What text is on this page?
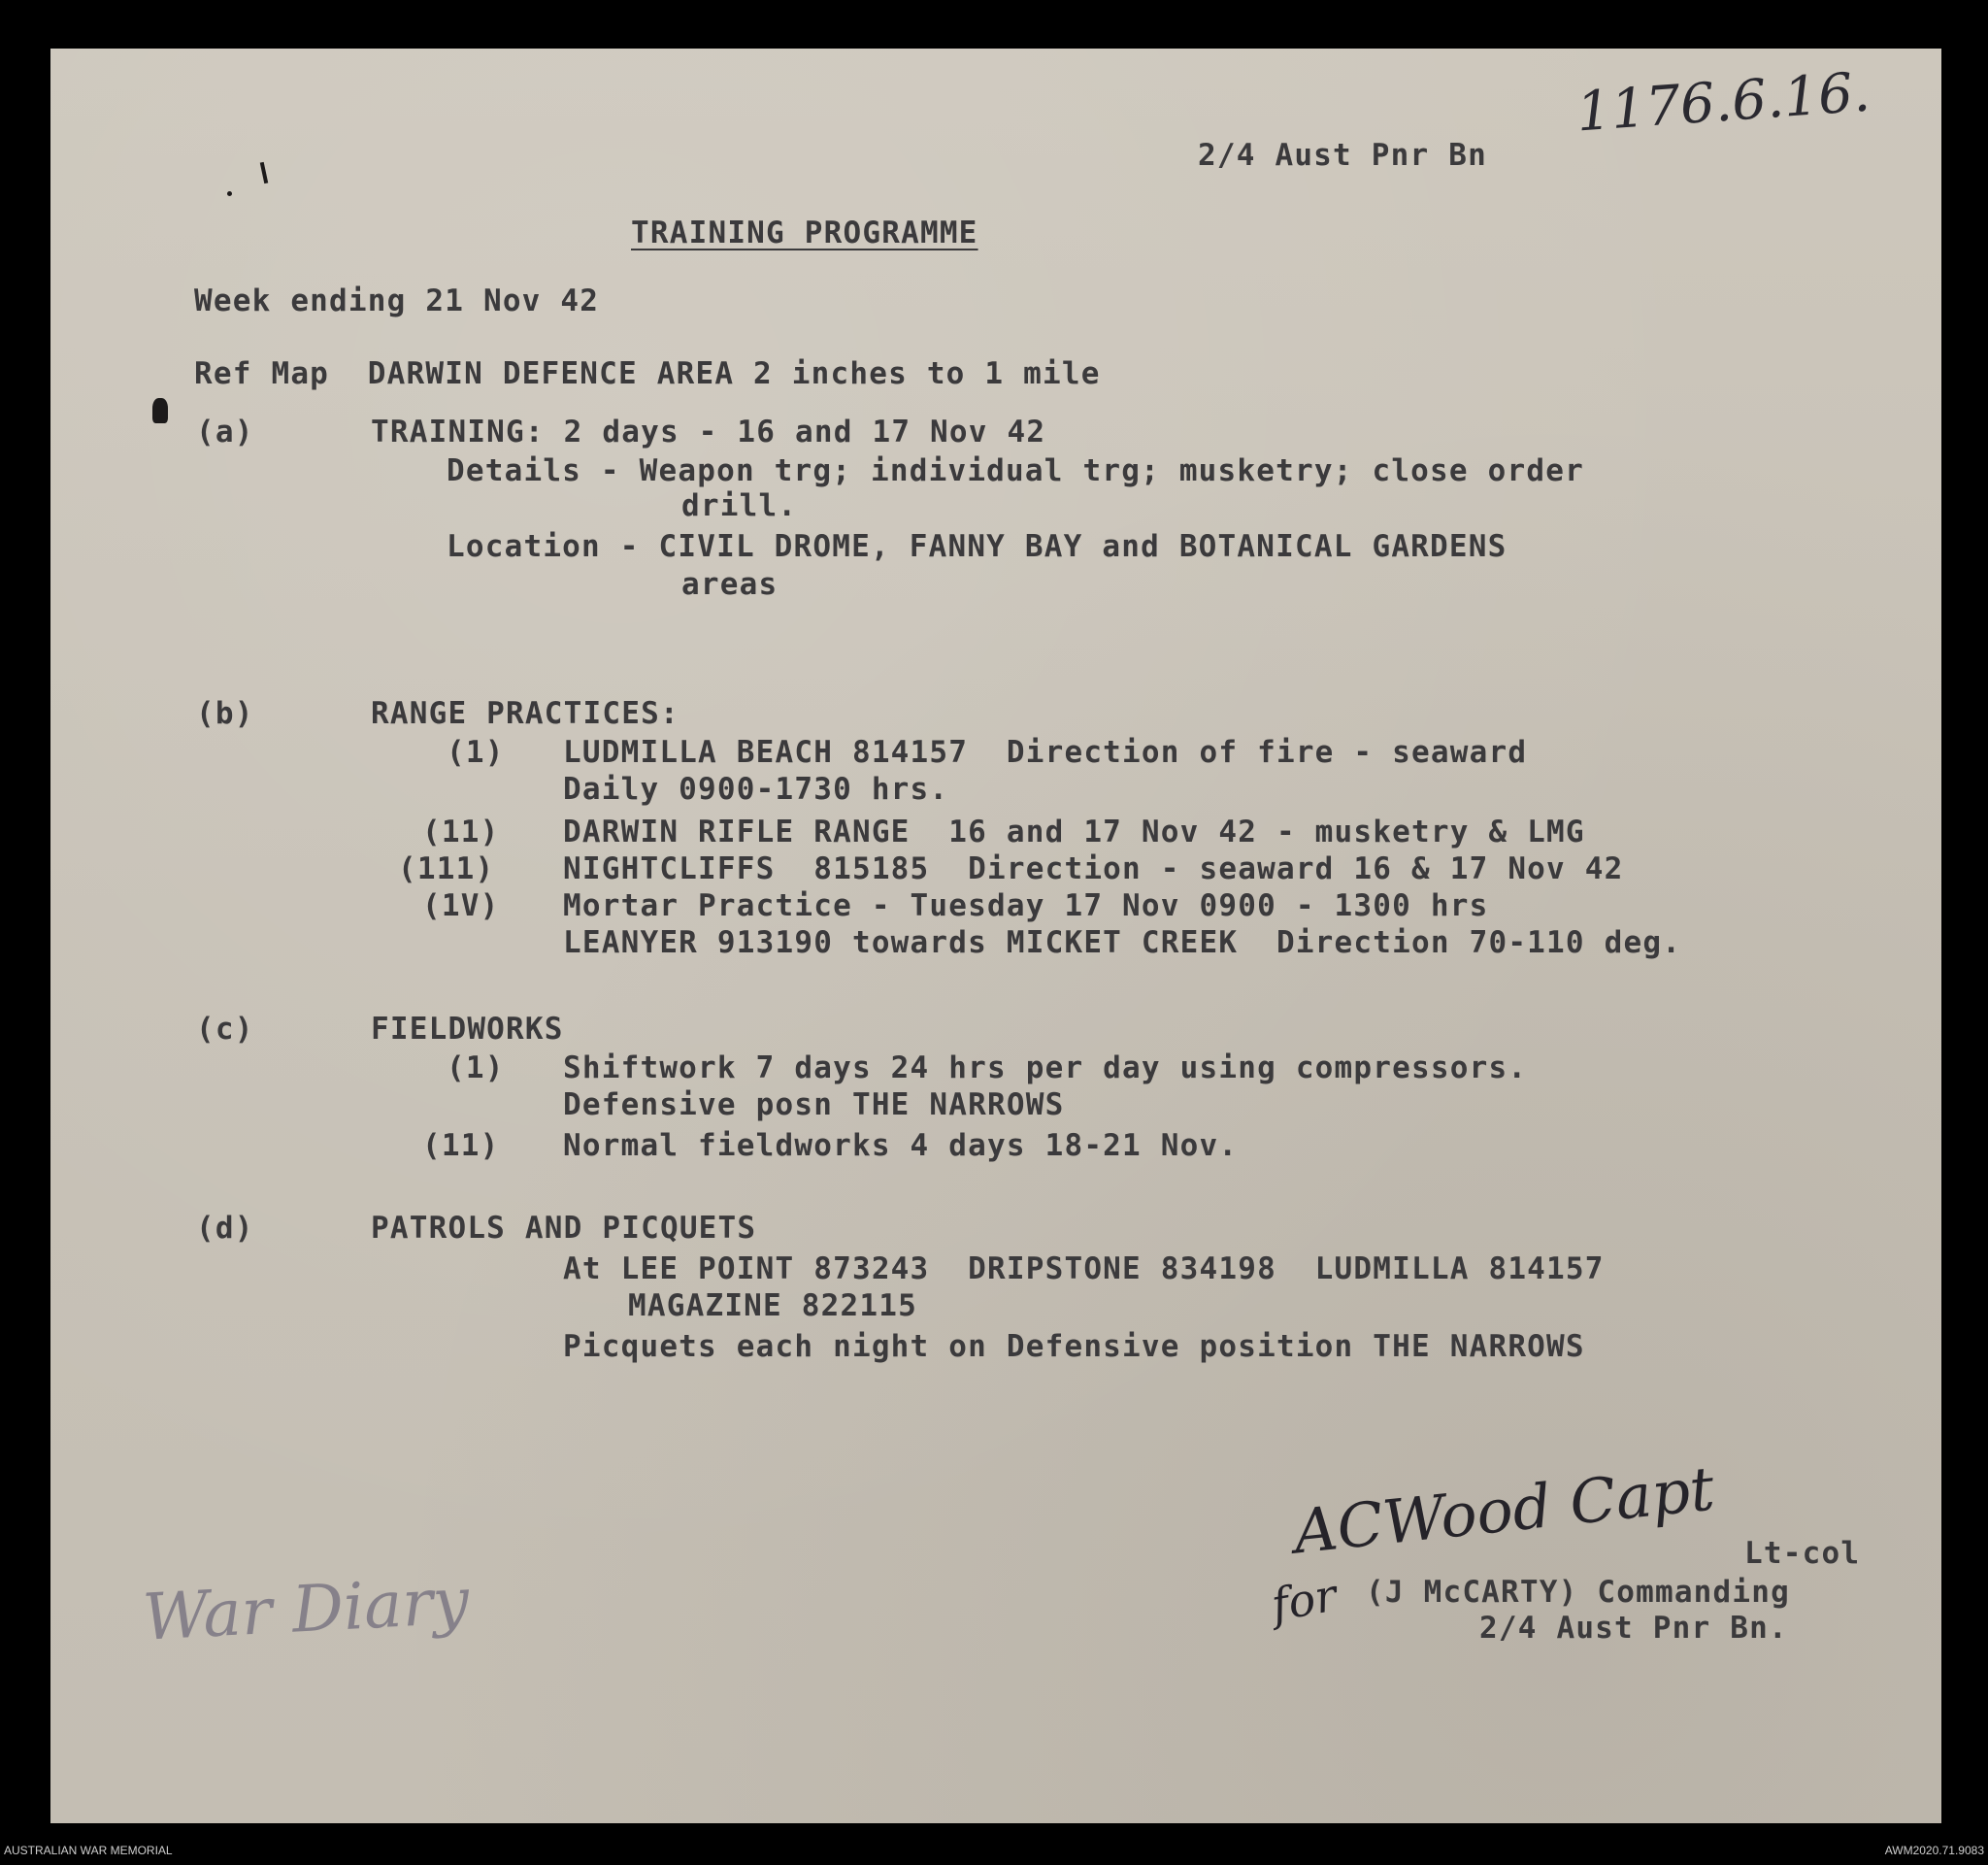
1176.6.16.
2/4 Aust Pnr Bn
TRAINING PROGRAMME
Week ending 21 Nov 42
Ref Map  DARWIN DEFENCE AREA 2 inches to 1 mile
(a)	TRAINING: 2 days - 16 and 17 Nov 42
Details - Weapon trg; individual trg; musketry; close order
drill.
Location - CIVIL DROME, FANNY BAY and BOTANICAL GARDENS
areas
(b)	RANGE PRACTICES:
(1) LUDMILLA BEACH 814157  Direction of fire - seaward
Daily 0900-1730 hrs.
(11) DARWIN RIFLE RANGE  16 and 17 Nov 42 - musketry & LMG
(111) NIGHTCLIFFS  815185  Direction - seaward 16 & 17 Nov 42
(1V) Mortar Practice - Tuesday 17 Nov 0900 - 1300 hrs
LEANYER 913190 towards MICKET CREEK  Direction 70-110 deg.
(c)	FIELDWORKS
(1) Shiftwork 7 days 24 hrs per day using compressors.
Defensive posn THE NARROWS
(11) Normal fieldworks 4 days 18-21 Nov.
(d)	PATROLS AND PICQUETS
At LEE POINT 873243  DRIPSTONE 834198  LUDMILLA 814157
MAGAZINE 822115
Picquets each night on Defensive position THE NARROWS
ACWood Capt Lt-col
for (J McCARTY) Commanding
2/4 Aust Pnr Bn.
War Diary
AUSTRALIAN WAR MEMORIAL	AWM2020.71.9083
